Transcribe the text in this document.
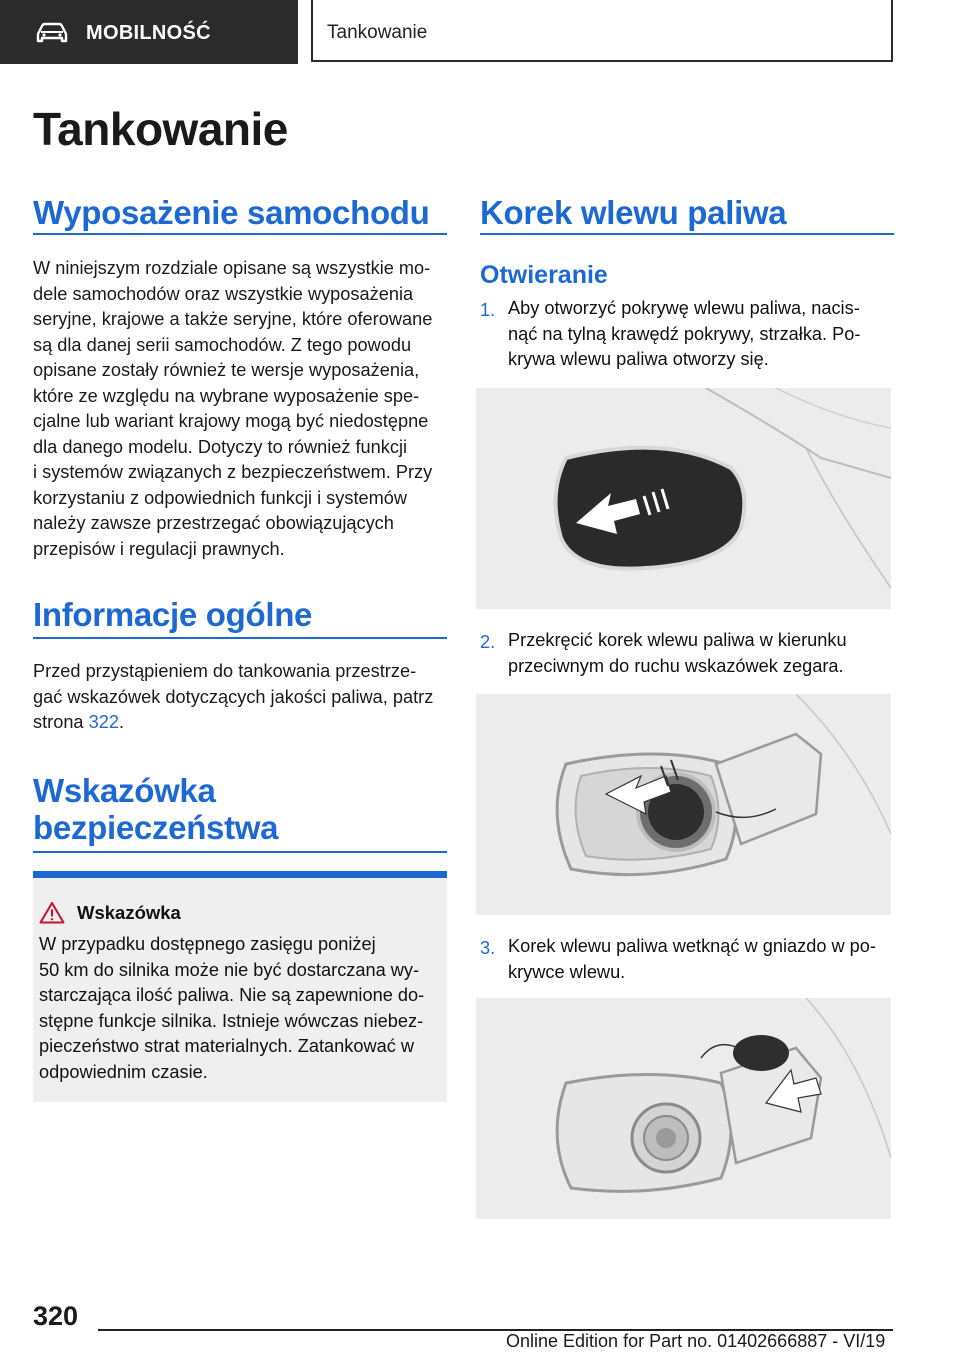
MOBILNOŚĆ	Tankowanie
Tankowanie
Wyposażenie samochodu
W niniejszym rozdziale opisane są wszystkie mo-
dele samochodów oraz wszystkie wyposażenia
seryjne, krajowe a także seryjne, które oferowane
są dla danej serii samochodów. Z tego powodu
opisane zostały również te wersje wyposażenia,
które ze względu na wybrane wyposażenie spe-
cjalne lub wariant krajowy mogą być niedostępne
dla danego modelu. Dotyczy to również funkcji
i systemów związanych z bezpieczeństwem. Przy
korzystaniu z odpowiednich funkcji i systemów
należy zawsze przestrzegać obowiązujących
przepisów i regulacji prawnych.
Informacje ogólne
Przed przystąpieniem do tankowania przestrze-
gać wskazówek dotyczących jakości paliwa, patrz
strona 322.
Wskazówka
bezpieczeństwa
Wskazówka
W przypadku dostępnego zasięgu poniżej
50 km do silnika może nie być dostarczana wy-
starczająca ilość paliwa. Nie są zapewnione do-
stępne funkcje silnika. Istnieje wówczas niebez-
pieczeństwo strat materialnych. Zatankować w
odpowiednim czasie.
Korek wlewu paliwa
Otwieranie
1. Aby otworzyć pokrywę wlewu paliwa, nacis-
nąć na tylną krawędź pokrywy, strzałka. Po-
krywa wlewu paliwa otworzy się.
2. Przekręcić korek wlewu paliwa w kierunku
przeciwnym do ruchu wskazówek zegara.
3. Korek wlewu paliwa wetknąć w gniazdo w po-
krywce wlewu.
320
Online Edition for Part no. 01402666887 - VI/19
